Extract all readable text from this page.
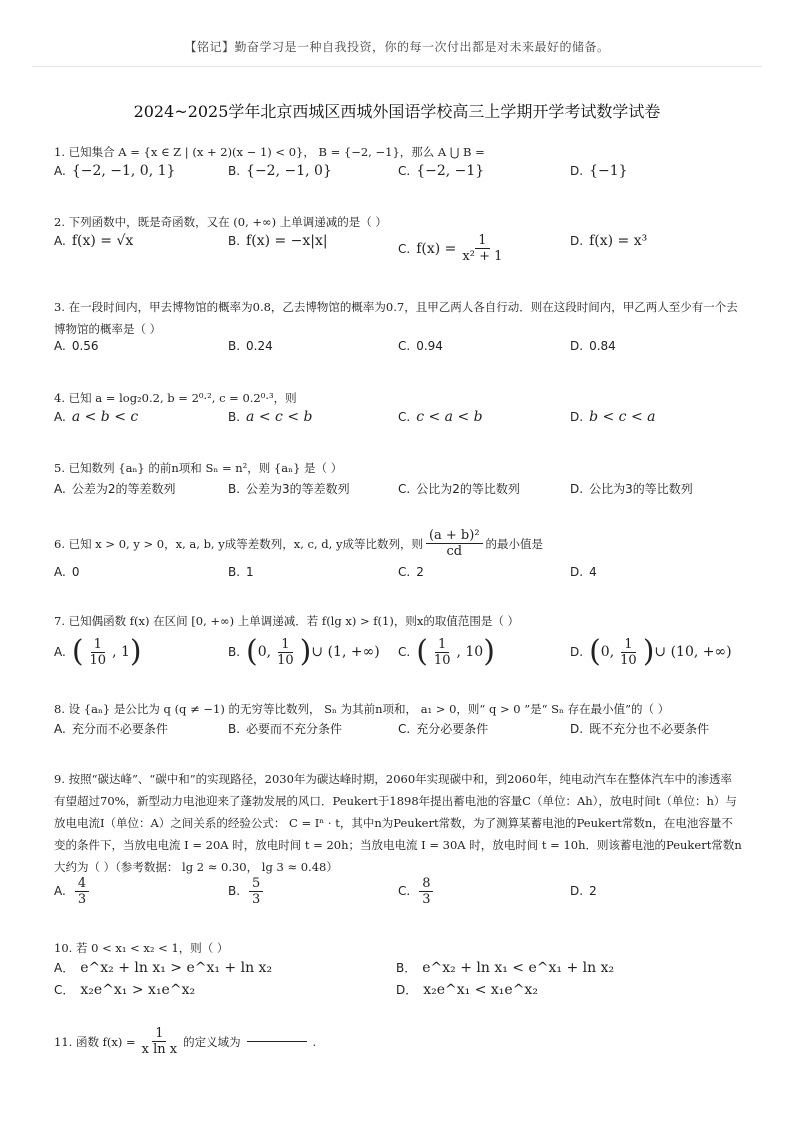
【铭记】勤奋学习是一种自我投资，你的每一次付出都是对未来最好的储备。
2024~2025学年北京西城区西城外国语学校高三上学期开学考试数学试卷
1. 已知集合 A = {x ∈ Z | (x + 2)(x − 1) < 0}， B = {−2, −1}，那么 A ⋃ B =
A. {−2, −1, 0, 1}	B. {−2, −1, 0}	C. {−2, −1}	D. {−1}
2. 下列函数中，既是奇函数，又在 (0, +∞) 上单调递减的是（ ）
A. f(x) = √x	B. f(x) = −x|x|	C. $f(x) = \frac{1}{\text{x² + 1}}$	D. f(x) = x³
3. 在一段时间内，甲去博物馆的概率为0.8，乙去博物馆的概率为0.7，且甲乙两人各自行动．则在这段时间内，甲乙两人至少有一个去博物馆的概率是（ ）
A. 0.56	B. 0.24	C. 0.94	D. 0.84
4. 已知 a = log₂0.2, b = 2⁰·², c = 0.2⁰·³，则
A. a < b < c	B. a < c < b	C. c < a < b	D. b < c < a
5. 已知数列 {aₙ} 的前n项和 Sₙ = n²，则 {aₙ} 是（ ）
A. 公差为2的等差数列	B. 公差为3的等差数列	C. 公比为2的等比数列	D. 公比为3的等比数列
6. 已知 x > 0, y > 0，x, a, b, y成等差数列，x, c, d, y成等比数列，则 $\frac{\text{(a + b)²}}{cd}$ 的最小值是
A. 0	B. 1	C. 2	D. 4
7. 已知偶函数 f(x) 在区间 [0, +∞) 上单调递减．若 f(lg x) > f(1)，则x的取值范围是（ ）
A. ( $\frac{1}{10}$ , 1 )	B. ( 0, $\frac{1}{10}$ ) ∪ (1, +∞) C. ( $\frac{1}{10}$ , 10 )	D. ( 0, $\frac{1}{10}$ ) ∪ (10, +∞)
8. 设 {aₙ} 是公比为 q (q ≠ −1) 的无穷等比数列， Sₙ 为其前n项和， a₁ > 0，则“ q > 0 ”是“ Sₙ 存在最小值”的（ ）
A. 充分而不必要条件	B. 必要而不充分条件	C. 充分必要条件	D. 既不充分也不必要条件
9. 按照“碳达峰”、“碳中和”的实现路径，2030年为碳达峰时期，2060年实现碳中和，到2060年，纯电动汽车在整体汽车中的渗透率有望超过70%，新型动力电池迎来了蓬勃发展的风口．Peukert于1898年提出蓄电池的容量C（单位：Ah），放电时间t（单位：h）与放电电流I（单位：A）之间关系的经验公式： C = Iⁿ · t，其中n为Peukert常数，为了测算某蓄电池的Peukert常数n，在电池容量不变的条件下，当放电电流 I = 20A 时，放电时间 t = 20h；当放电电流 I = 30A 时，放电时间 t = 10h．则该蓄电池的Peukert常数n大约为（ ）（参考数据： lg 2 ≈ 0.30， lg 3 ≈ 0.48）
A. $\frac{4}{3}$	B. $\frac{5}{3}$	C. $\frac{8}{3}$	D. 2
10. 若 0 < x₁ < x₂ < 1，则（ ）
A． e^x₂ + ln x₁ > e^x₁ + ln x₂	B． e^x₂ + ln x₁ < e^x₁ + ln x₂
C． x₂e^x₁ > x₁e^x₂	D． x₂e^x₁ < x₁e^x₂
11. 函数 $f(x) = \frac{1}{\text{x ln x}}$ 的定义域为	.
